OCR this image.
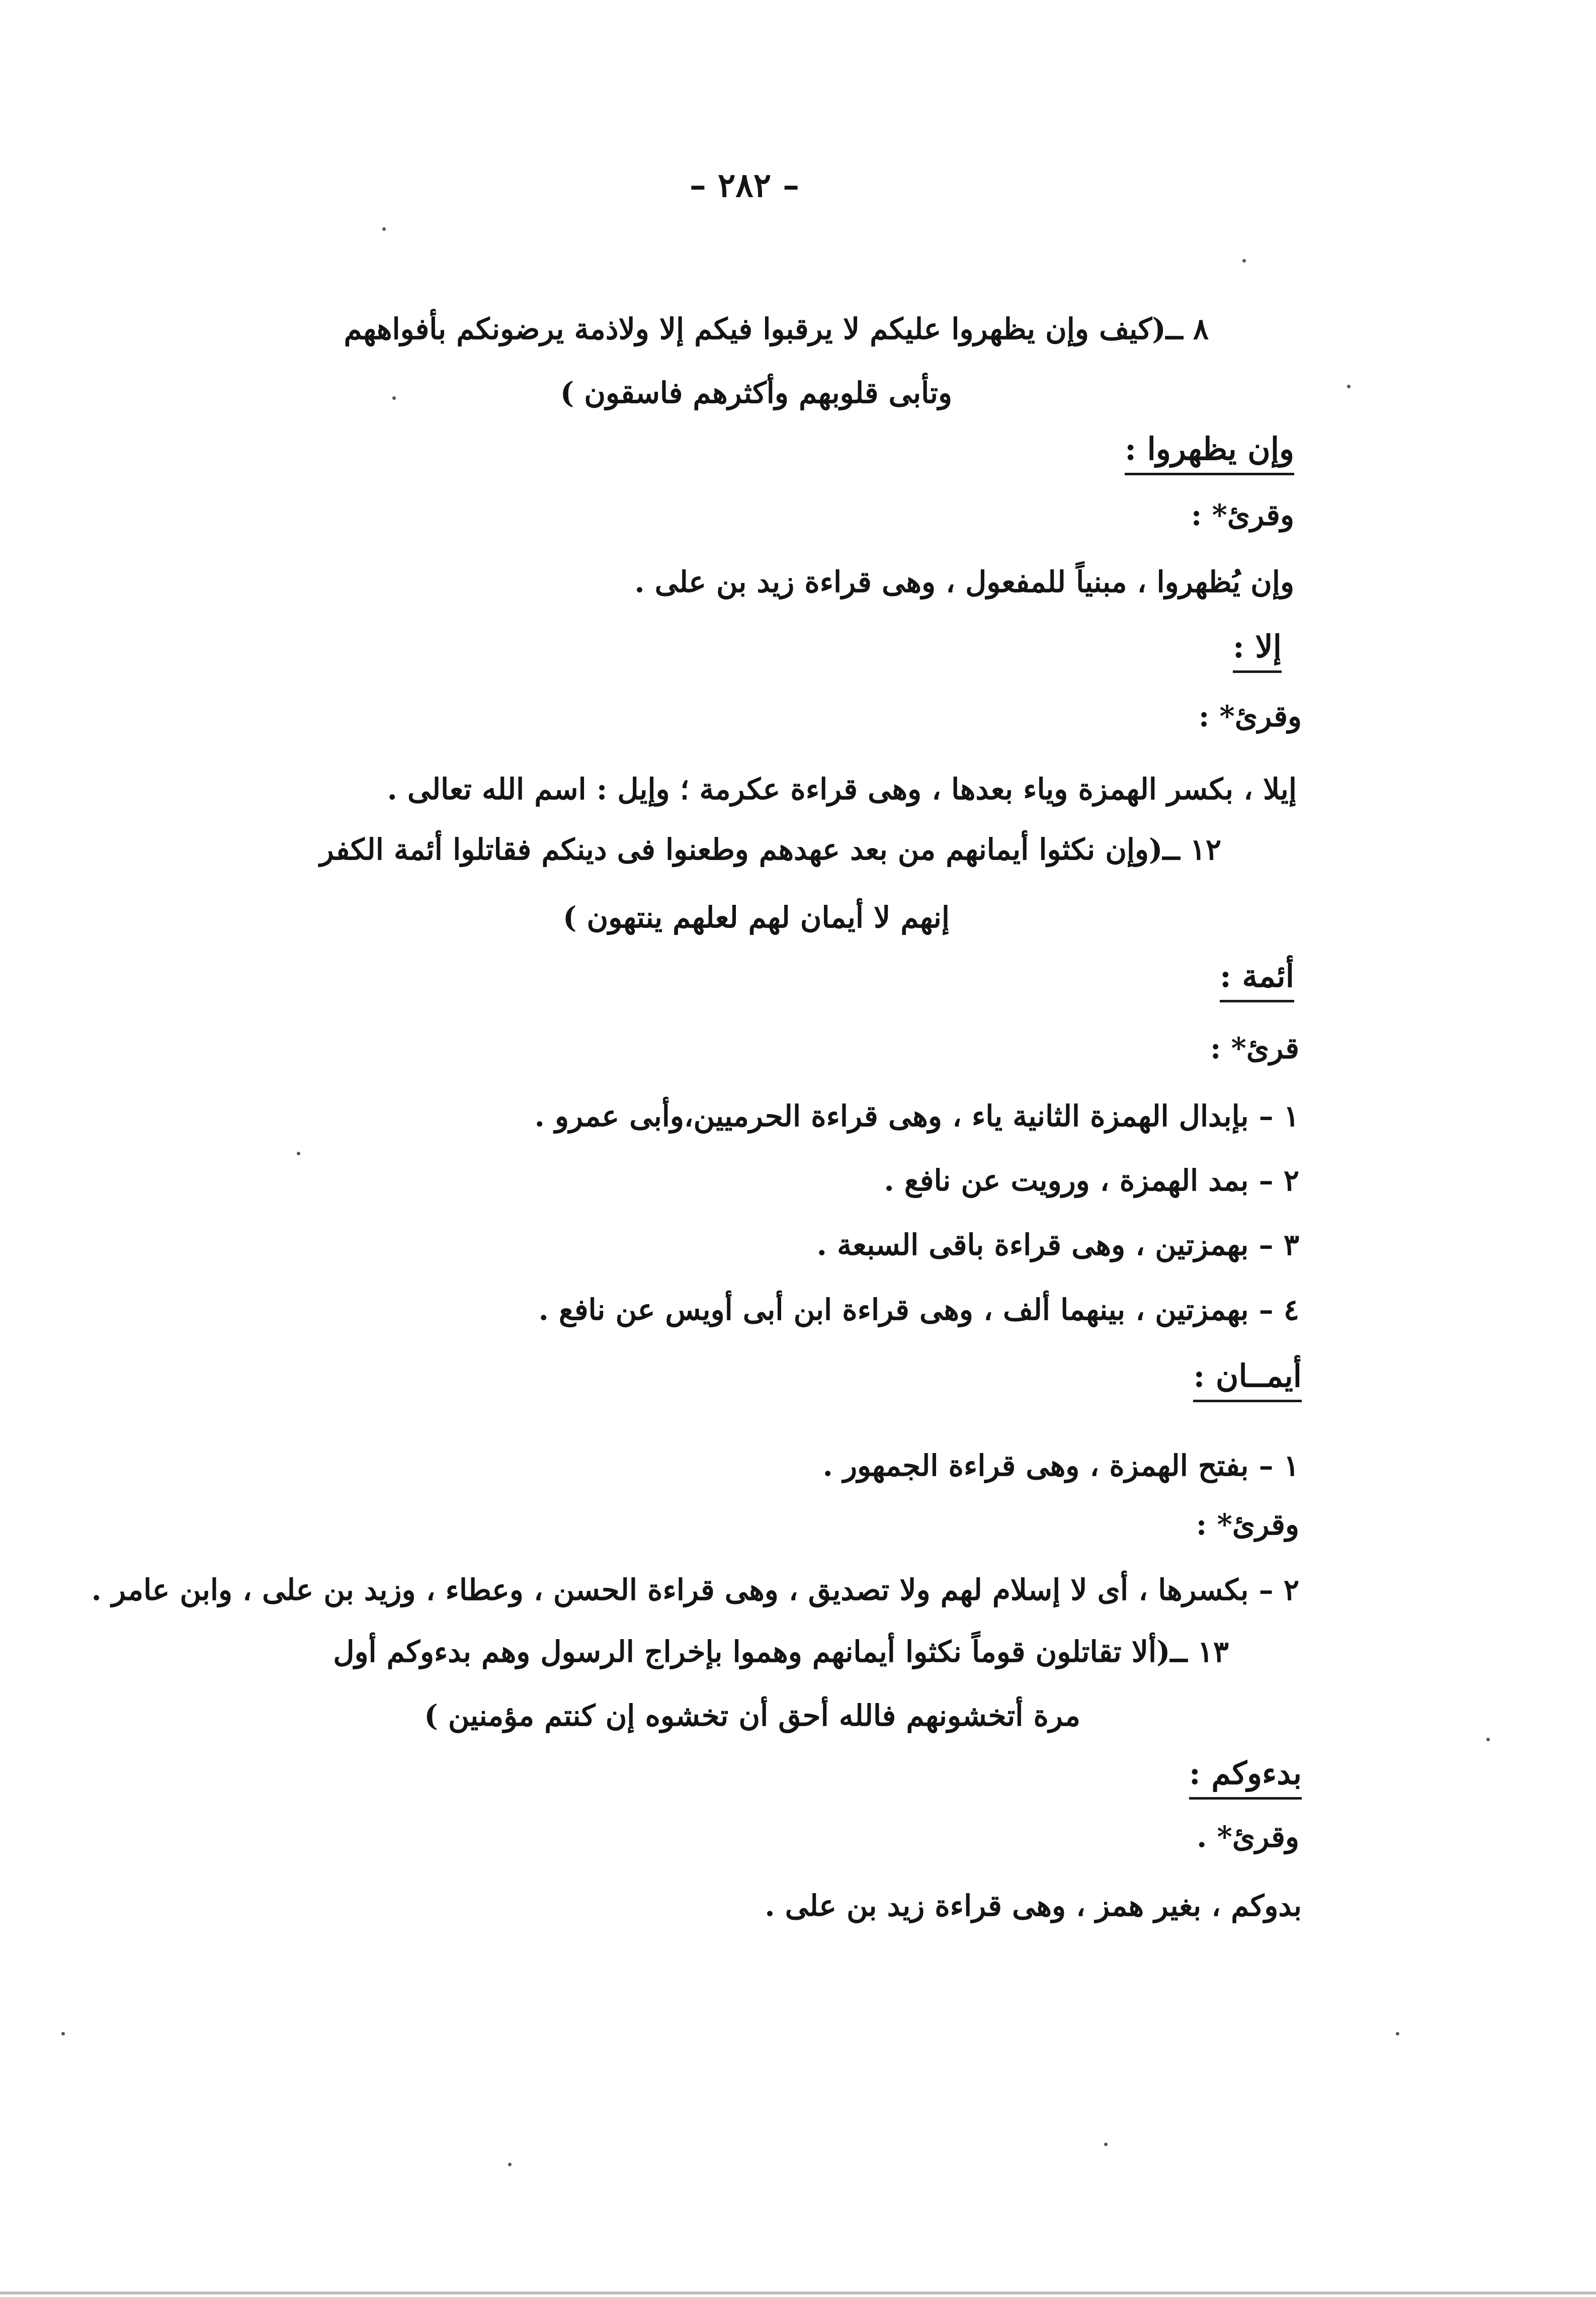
– ٢٨٢ –
٨ ــ(كيف وإن يظهروا عليكم لا يرقبوا فيكم إلا ولاذمة يرضونكم بأفواههم
وتأبى قلوبهم وأكثرهم فاسقون )
وإن يظهروا :
وقرئ* :
وإن يُظهروا ، مبنياً للمفعول ، وهى قراءة زيد بن على .
إلا :
وقرئ* :
إيلا ، بكسر الهمزة وياء بعدها ، وهى قراءة عكرمة ؛ وإيل : اسم الله تعالى .
١٢ ــ(وإن نكثوا أيمانهم من بعد عهدهم وطعنوا فى دينكم فقاتلوا أئمة الكفر
إنهم لا أيمان لهم لعلهم ينتهون )
أئمة :
قرئ* :
١ – بإبدال الهمزة الثانية ياء ، وهى قراءة الحرميين،وأبى عمرو .
٢ – بمد الهمزة ، ورويت عن نافع .
٣ – بهمزتين ، وهى قراءة باقى السبعة .
٤ – بهمزتين ، بينهما ألف ، وهى قراءة ابن أبى أويس عن نافع .
أيمــان :
١ – بفتح الهمزة ، وهى قراءة الجمهور .
وقرئ* :
٢ – بكسرها ، أى لا إسلام لهم ولا تصديق ، وهى قراءة الحسن ، وعطاء ، وزيد بن على ، وابن عامر .
١٣ ــ(ألا تقاتلون قوماً نكثوا أيمانهم وهموا بإخراج الرسول وهم بدءوكم أول
مرة أتخشونهم فالله أحق أن تخشوه إن كنتم مؤمنين )
بدءوكم :
وقرئ* .
بدوكم ، بغير همز ، وهى قراءة زيد بن على .
